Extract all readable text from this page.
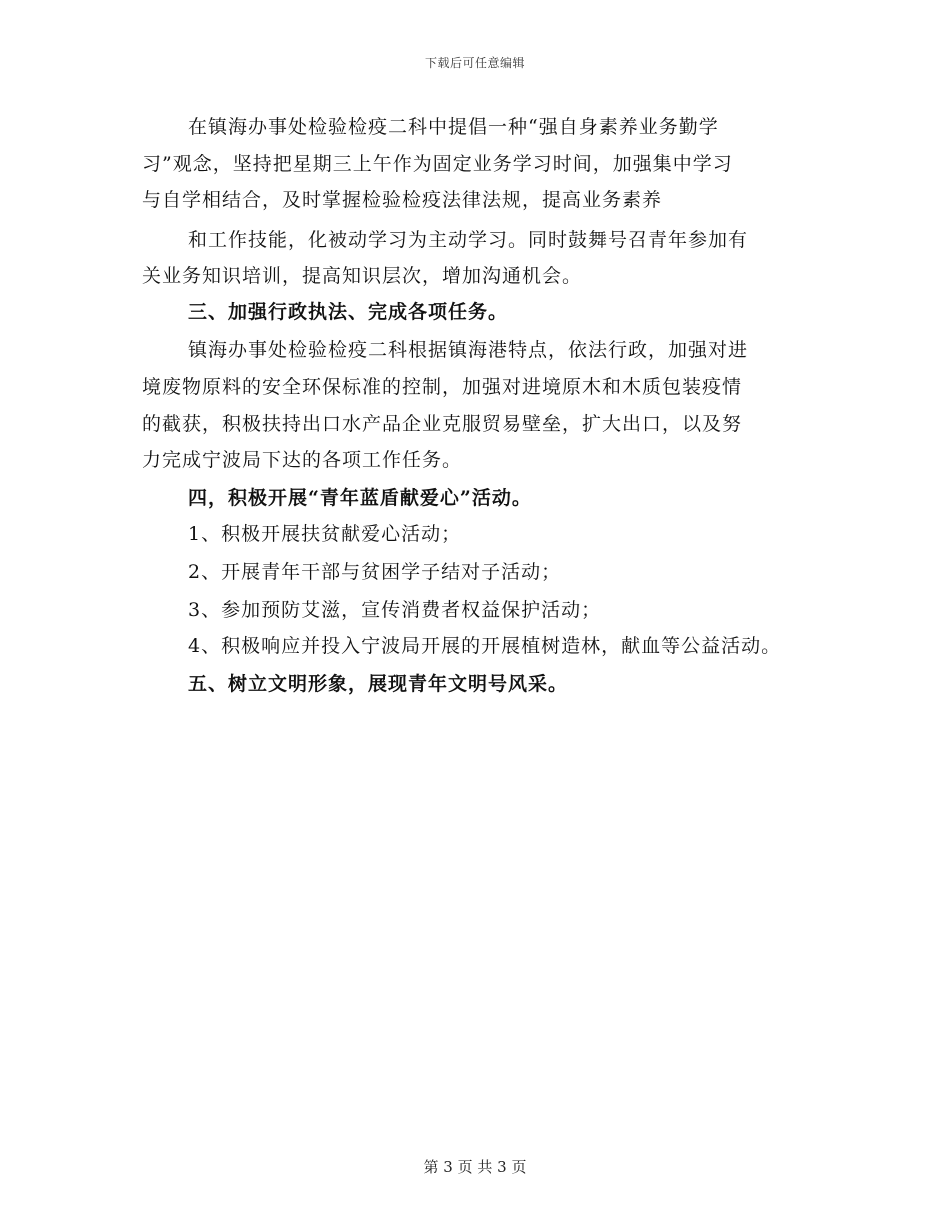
下载后可任意编辑
在镇海办事处检验检疫二科中提倡一种“强自身素养业务勤学
习”观念，坚持把星期三上午作为固定业务学习时间，加强集中学习
与自学相结合，及时掌握检验检疫法律法规，提高业务素养
和工作技能，化被动学习为主动学习。同时鼓舞号召青年参加有
关业务知识培训，提高知识层次，增加沟通机会。
三、加强行政执法、完成各项任务。
镇海办事处检验检疫二科根据镇海港特点，依法行政，加强对进
境废物原料的安全环保标准的控制，加强对进境原木和木质包装疫情
的截获，积极扶持出口水产品企业克服贸易壁垒，扩大出口，以及努
力完成宁波局下达的各项工作任务。
四，积极开展“青年蓝盾献爱心”活动。
1、积极开展扶贫献爱心活动；
2、开展青年干部与贫困学子结对子活动；
3、参加预防艾滋，宣传消费者权益保护活动；
4、积极响应并投入宁波局开展的开展植树造林，献血等公益活动。
五、树立文明形象，展现青年文明号风采。
第 3 页 共 3 页
